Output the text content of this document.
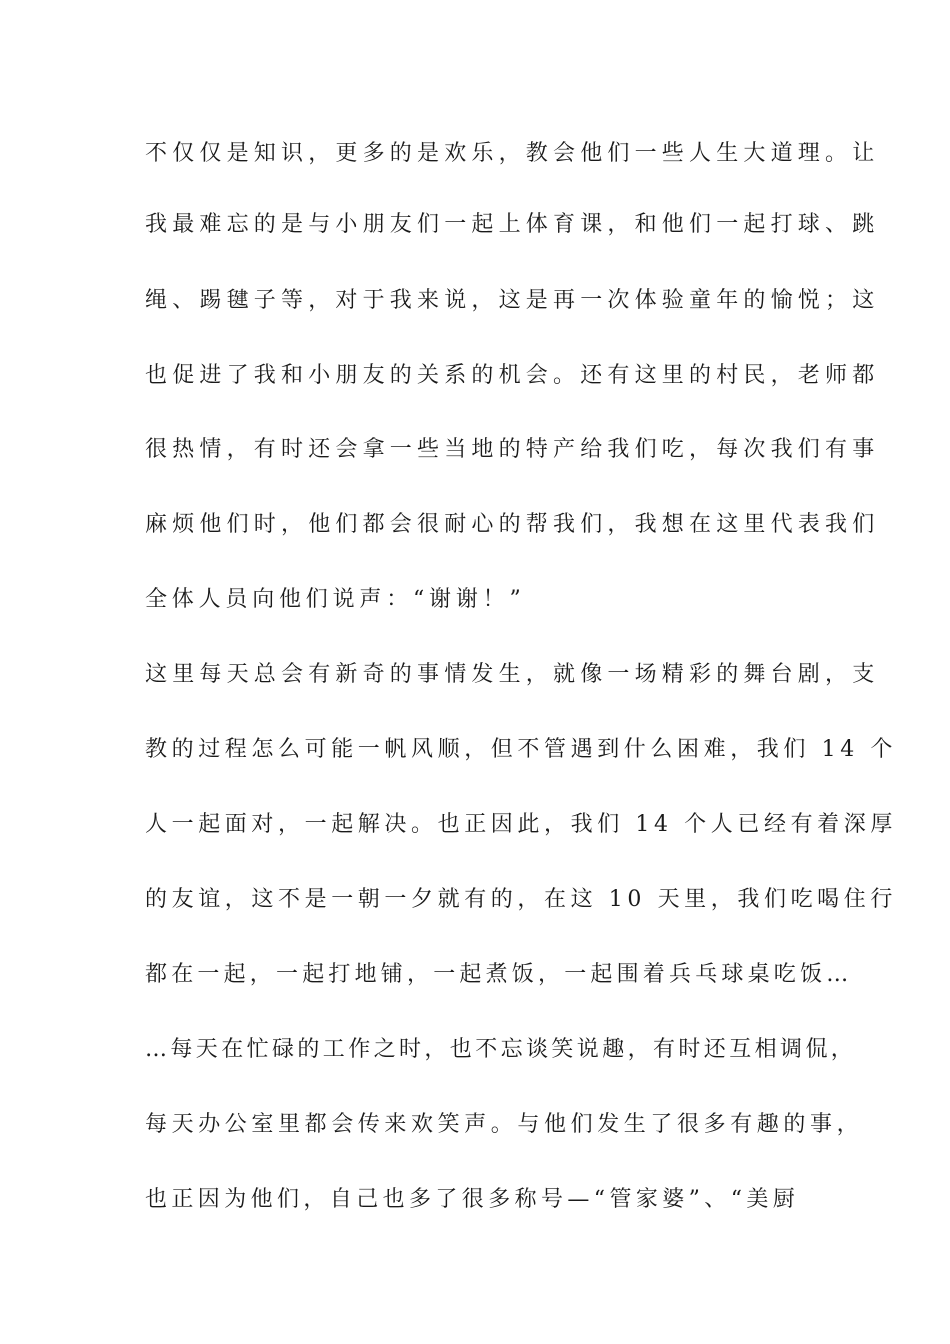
不仅仅是知识，更多的是欢乐，教会他们一些人生大道理。让
我最难忘的是与小朋友们一起上体育课，和他们一起打球、跳
绳、踢毽子等，对于我来说，这是再一次体验童年的愉悦；这
也促进了我和小朋友的关系的机会。还有这里的村民，老师都
很热情，有时还会拿一些当地的特产给我们吃，每次我们有事
麻烦他们时，他们都会很耐心的帮我们，我想在这里代表我们
全体人员向他们说声：“谢谢！”
这里每天总会有新奇的事情发生，就像一场精彩的舞台剧，支
教的过程怎么可能一帆风顺，但不管遇到什么困难，我们 14 个
人一起面对，一起解决。也正因此，我们 14 个人已经有着深厚
的友谊，这不是一朝一夕就有的，在这 10 天里，我们吃喝住行
都在一起，一起打地铺，一起煮饭，一起围着兵乓球桌吃饭…
…每天在忙碌的工作之时，也不忘谈笑说趣，有时还互相调侃，
每天办公室里都会传来欢笑声。与他们发生了很多有趣的事，
也正因为他们，自己也多了很多称号—“管家婆”、“美厨
